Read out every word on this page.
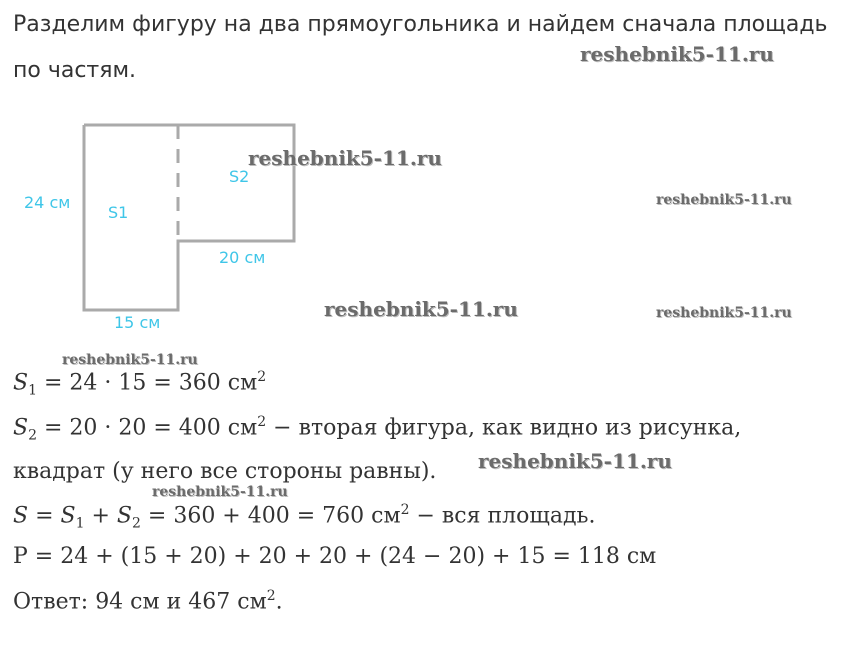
Разделим фигуру на два прямоугольника и найдем сначала площадь
по частям.
24 см
S1
S2
20 см
15 см
reshebnik5-11.ru
reshebnik5-11.ru
reshebnik5-11.ru
reshebnik5-11.ru	reshebnik5-11.ru
reshebnik5-11.ru
reshebnik5-11.ru
reshebnik5-11.ru
$S_1 = 24 \cdot 15 = 360$ $см^2$
$S_2 = 20 \cdot 20 = 400$ $см^2$ − вторая фигура, как видно из рисунка,
квадрат (у него все стороны равны).
$S = S_1 + S_2 = 360 + 400 = 760$ $см^2$ − вся площадь.
P = 24 + (15 + 20) + 20 + 20 + (24 − 20) + 15 = 118 см
Ответ: 94 см и 467 $см^2$.
